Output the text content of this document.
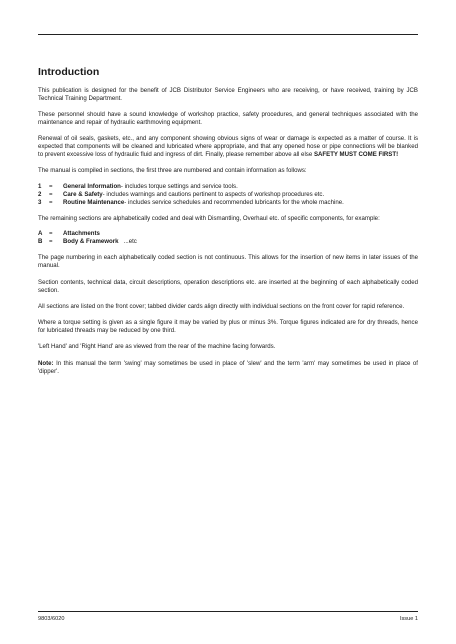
Introduction

This publication is designed for the benefit of JCB Distributor Service Engineers who are receiving, or have received, training by JCB Technical Training Department.

These personnel should have a sound knowledge of workshop practice, safety procedures, and general techniques associated with the maintenance and repair of hydraulic earthmoving equipment.

Renewal of oil seals, gaskets, etc., and any component showing obvious signs of wear or damage is expected as a matter of course. It is expected that components will be cleaned and lubricated where appropriate, and that any opened hose or pipe connections will be blanked to prevent excessive loss of hydraulic fluid and ingress of dirt. Finally, please remember above all else SAFETY MUST COME FIRST!

The manual is compiled in sections, the first three are numbered and contain information as follows:

1	=	General Information - includes torque settings and service tools.
2	=	Care & Safety - includes warnings and cautions pertinent to aspects of workshop procedures etc.
3	=	Routine Maintenance - includes service schedules and recommended lubricants for the whole machine.

The remaining sections are alphabetically coded and deal with Dismantling, Overhaul etc. of specific components, for example:

A	=	Attachments
B	=	Body & Framework ...etc

The page numbering in each alphabetically coded section is not continuous. This allows for the insertion of new items in later issues of the manual.

Section contents, technical data, circuit descriptions, operation descriptions etc. are inserted at the beginning of each alphabetically coded section.

All sections are listed on the front cover; tabbed divider cards align directly with individual sections on the front cover for rapid reference.

Where a torque setting is given as a single figure it may be varied by plus or minus 3%. Torque figures indicated are for dry threads, hence for lubricated threads may be reduced by one third.

'Left Hand' and 'Right Hand' are as viewed from the rear of the machine facing forwards.

Note: In this manual the term 'swing' may sometimes be used in place of 'slew' and the term 'arm' may sometimes be used in place of 'dipper'.

9803/6020	Issue 1
